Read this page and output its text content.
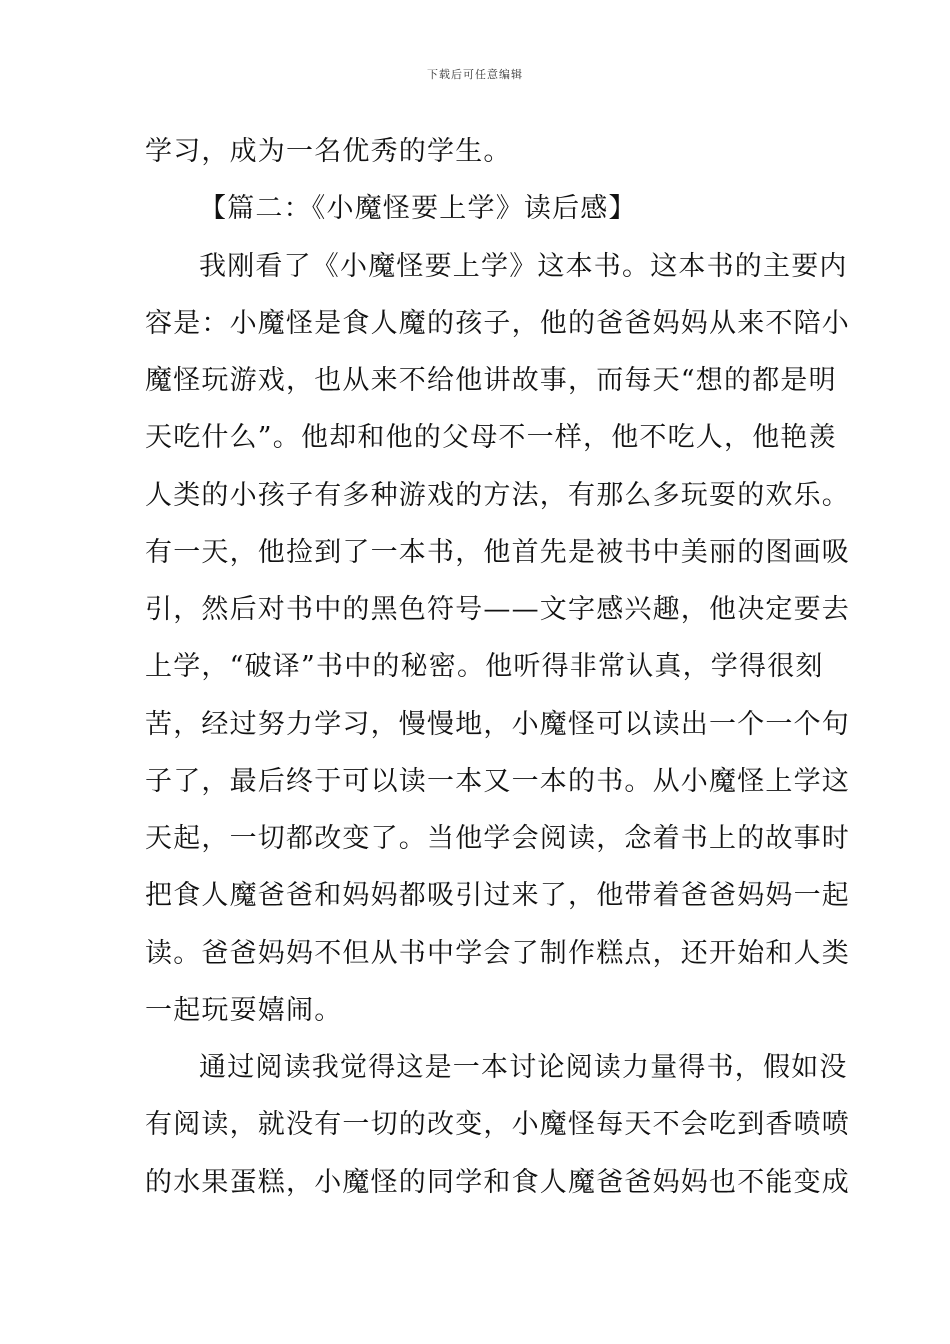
下载后可任意编辑
学习，成为一名优秀的学生。
【篇二：《小魔怪要上学》读后感】
我刚看了《小魔怪要上学》这本书。这本书的主要内
容是：小魔怪是食人魔的孩子，他的爸爸妈妈从来不陪小
魔怪玩游戏，也从来不给他讲故事，而每天“想的都是明
天吃什么”。他却和他的父母不一样，他不吃人，他艳羡
人类的小孩子有多种游戏的方法，有那么多玩耍的欢乐。
有一天，他捡到了一本书，他首先是被书中美丽的图画吸
引，然后对书中的黑色符号——文字感兴趣，他决定要去
上学，“破译”书中的秘密。他听得非常认真，学得很刻
苦，经过努力学习，慢慢地，小魔怪可以读出一个一个句
子了，最后终于可以读一本又一本的书。从小魔怪上学这
天起，一切都改变了。当他学会阅读，念着书上的故事时
把食人魔爸爸和妈妈都吸引过来了，他带着爸爸妈妈一起
读。爸爸妈妈不但从书中学会了制作糕点，还开始和人类
一起玩耍嬉闹。
通过阅读我觉得这是一本讨论阅读力量得书，假如没
有阅读，就没有一切的改变，小魔怪每天不会吃到香喷喷
的水果蛋糕，小魔怪的同学和食人魔爸爸妈妈也不能变成
